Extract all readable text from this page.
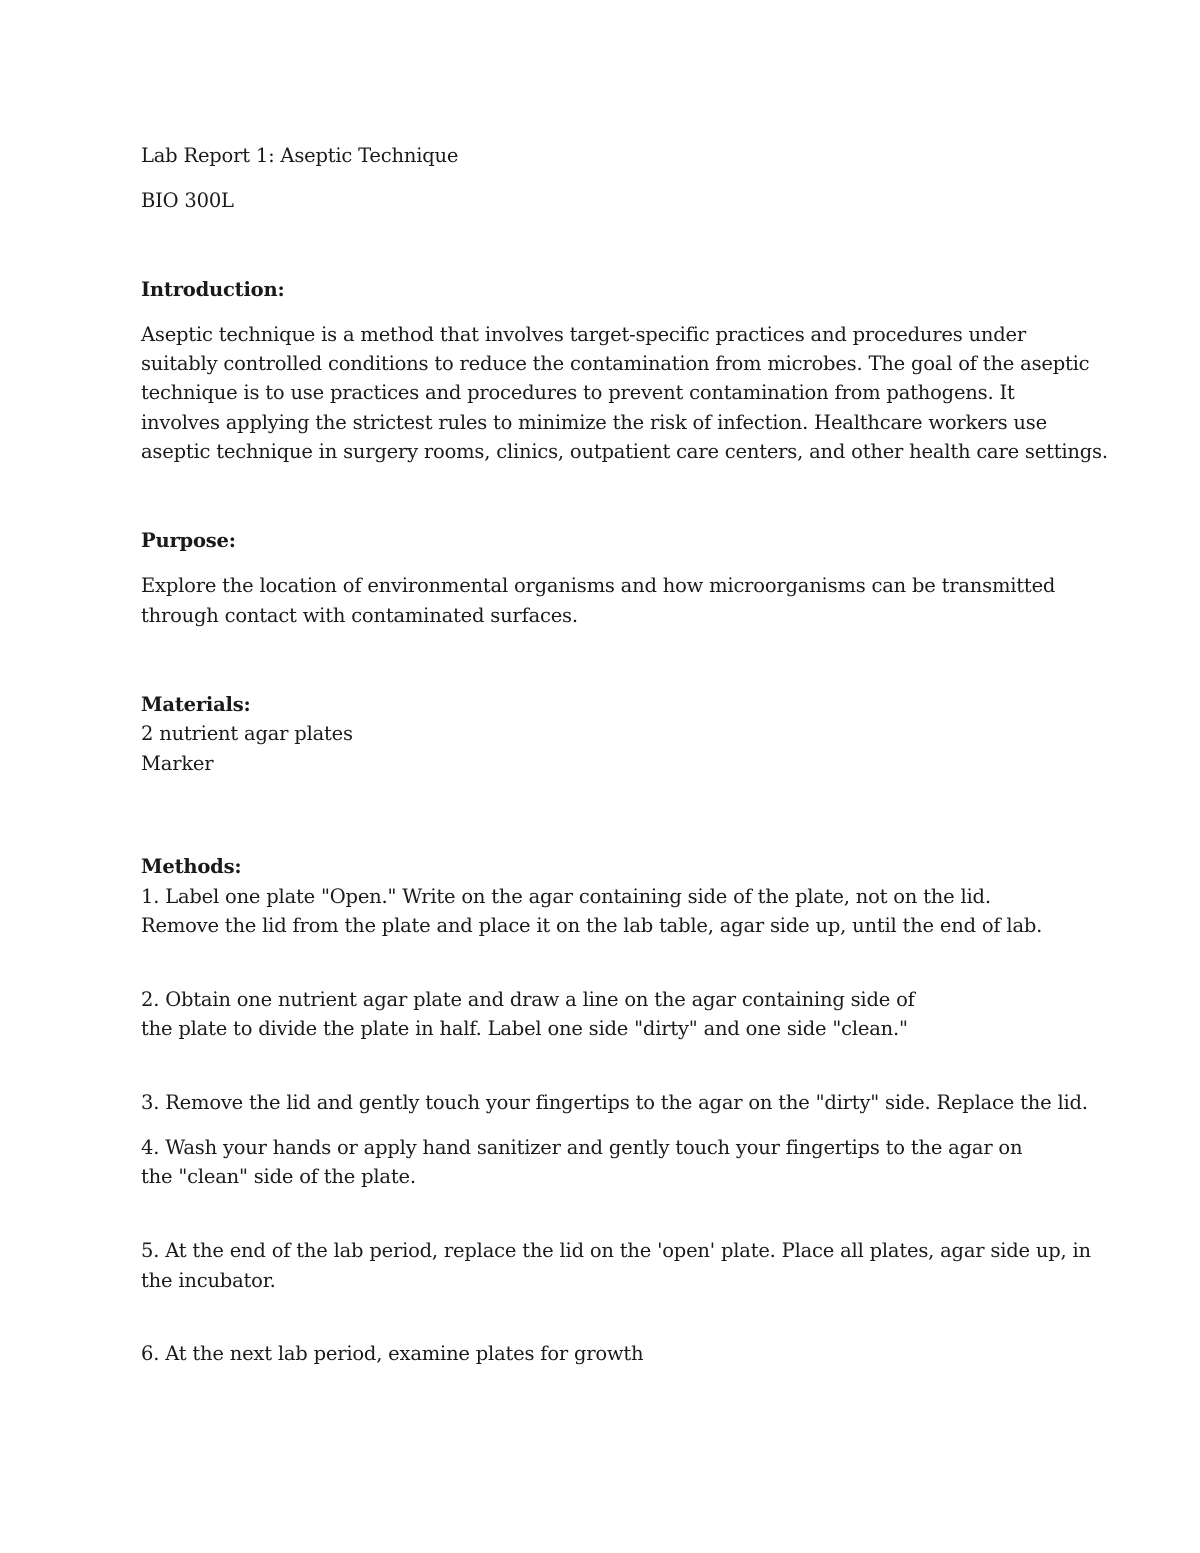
Lab Report 1: Aseptic Technique

BIO 300L

Introduction:

Aseptic technique is a method that involves target-specific practices and procedures under

suitably controlled conditions to reduce the contamination from microbes. The goal of the aseptic

technique is to use practices and procedures to prevent contamination from pathogens. It

involves applying the strictest rules to minimize the risk of infection. Healthcare workers use

aseptic technique in surgery rooms, clinics, outpatient care centers, and other health care settings.

Purpose:

Explore the location of environmental organisms and how microorganisms can be transmitted

through contact with contaminated surfaces.

Materials:

2 nutrient agar plates

Marker

Methods:

1. Label one plate "Open." Write on the agar containing side of the plate, not on the lid.

Remove the lid from the plate and place it on the lab table, agar side up, until the end of lab.

2. Obtain one nutrient agar plate and draw a line on the agar containing side of

the plate to divide the plate in half. Label one side "dirty" and one side "clean."

3. Remove the lid and gently touch your fingertips to the agar on the "dirty" side. Replace the lid.

4. Wash your hands or apply hand sanitizer and gently touch your fingertips to the agar on

the "clean" side of the plate.

5. At the end of the lab period, replace the lid on the 'open' plate. Place all plates, agar side up, in

the incubator.

6. At the next lab period, examine plates for growth
